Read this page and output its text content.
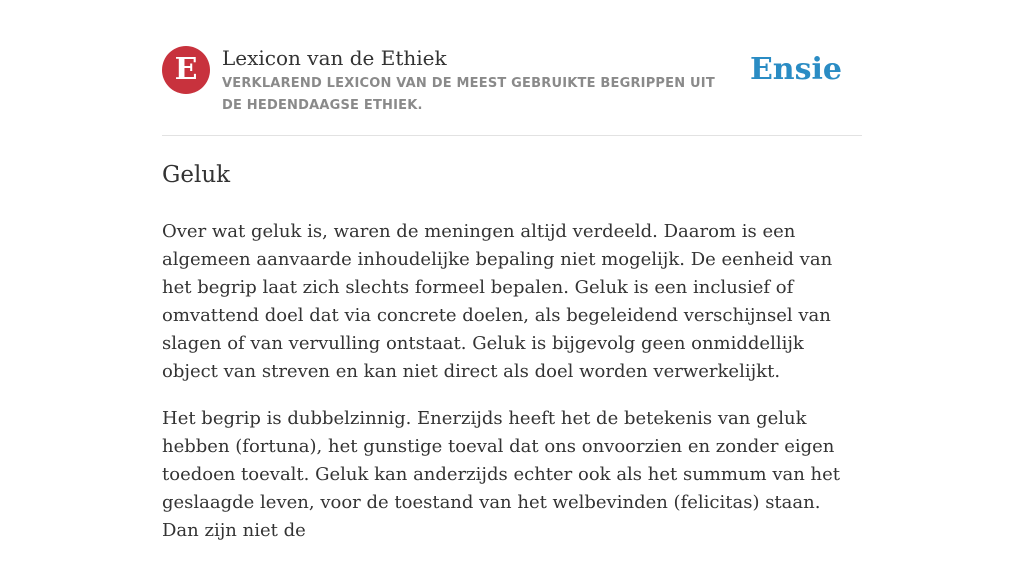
E	Lexicon van de Ethiek
VERKLAREND LEXICON VAN DE MEEST GEBRUIKTE BEGRIPPEN UIT DE HEDENDAAGSE ETHIEK.
Ensie
Geluk

Over wat geluk is, waren de meningen altijd verdeeld. Daarom is een algemeen aanvaarde inhoudelijke bepaling niet mogelijk. De eenheid van het begrip laat zich slechts formeel bepalen. Geluk is een inclusief of omvattend doel dat via concrete doelen, als begeleidend verschijnsel van slagen of van vervulling ontstaat. Geluk is bijgevolg geen onmiddellijk object van streven en kan niet direct als doel worden verwerkelijkt.

Het begrip is dubbelzinnig. Enerzijds heeft het de betekenis van geluk hebben (fortuna), het gunstige toeval dat ons onvoorzien en zonder eigen toedoen toevalt. Geluk kan anderzijds echter ook als het summum van het geslaagde leven, voor de toestand van het welbevinden (felicitas) staan. Dan zijn niet de
